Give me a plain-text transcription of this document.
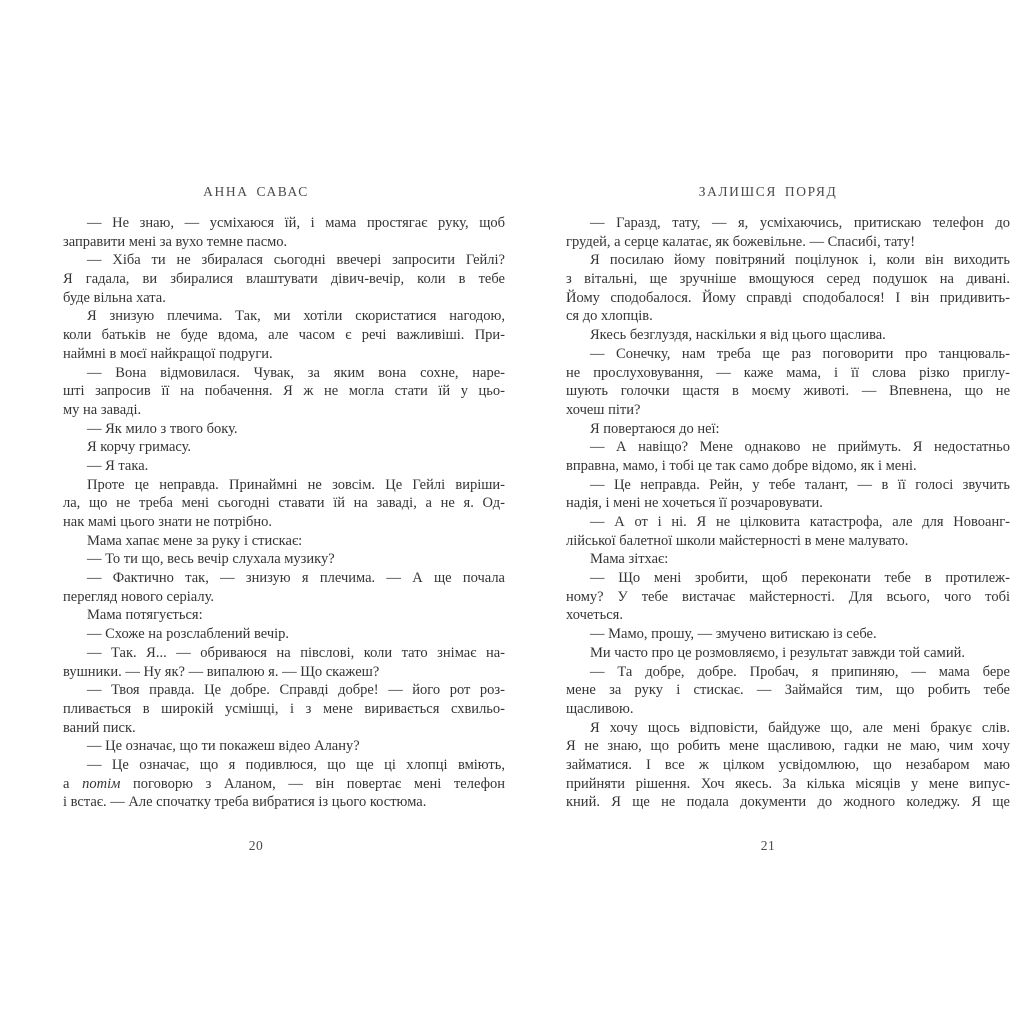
АННА САВАС
— Не знаю, — усміхаюся їй, і мама простягає руку, щоб
заправити мені за вухо темне пасмо.
— Хіба ти не збиралася сьогодні ввечері запросити Гейлі?
Я гадала, ви збиралися влаштувати дівич-вечір, коли в тебе
буде вільна хата.
Я знизую плечима. Так, ми хотіли скористатися нагодою,
коли батьків не буде вдома, але часом є речі важливіші. При-
наймні в моєї найкращої подруги.
— Вона відмовилася. Чувак, за яким вона сохне, наре-
шті запросив її на побачення. Я ж не могла стати їй у цьо-
му на заваді.
— Як мило з твого боку.
Я корчу гримасу.
— Я така.
Проте це неправда. Принаймні не зовсім. Це Гейлі виріши-
ла, що не треба мені сьогодні ставати їй на заваді, а не я. Од-
нак мамі цього знати не потрібно.
Мама хапає мене за руку і стискає:
— То ти що, весь вечір слухала музику?
— Фактично так, — знизую я плечима. — А ще почала
перегляд нового серіалу.
Мама потягується:
— Схоже на розслаблений вечір.
— Так. Я... — обриваюся на півслові, коли тато знімає на-
вушники. — Ну як? — випалюю я. — Що скажеш?
— Твоя правда. Це добре. Справді добре! — його рот роз-
пливається в широкій усмішці, і з мене виривається схвильо-
ваний писк.
— Це означає, що ти покажеш відео Алану?
— Це означає, що я подивлюся, що ще ці хлопці вміють,
а потім поговорю з Аланом, — він повертає мені телефон
і встає. — Але спочатку треба вибратися із цього костюма.
20
ЗАЛИШСЯ ПОРЯД
— Гаразд, тату, — я, усміхаючись, притискаю телефон до
грудей, а серце калатає, як божевільне. — Спасибі, тату!
Я посилаю йому повітряний поцілунок і, коли він виходить
з вітальні, ще зручніше вмощуюся серед подушок на дивані.
Йому сподобалося. Йому справді сподобалося! І він придивить-
ся до хлопців.
Якесь безглуздя, наскільки я від цього щаслива.
— Сонечку, нам треба ще раз поговорити про танцюваль-
не прослуховування, — каже мама, і її слова різко приглу-
шують голочки щастя в моєму животі. — Впевнена, що не
хочеш піти?
Я повертаюся до неї:
— А навіщо? Мене однаково не приймуть. Я недостатньо
вправна, мамо, і тобі це так само добре відомо, як і мені.
— Це неправда. Рейн, у тебе талант, — в її голосі звучить
надія, і мені не хочеться її розчаровувати.
— А от і ні. Я не цілковита катастрофа, але для Новоанг-
лійської балетної школи майстерності в мене малувато.
Мама зітхає:
— Що мені зробити, щоб переконати тебе в протилеж-
ному? У тебе вистачає майстерності. Для всього, чого тобі
хочеться.
— Мамо, прошу, — змучено витискаю із себе.
Ми часто про це розмовляємо, і результат завжди той самий.
— Та добре, добре. Пробач, я припиняю, — мама бере
мене за руку і стискає. — Займайся тим, що робить тебе
щасливою.
Я хочу щось відповісти, байдуже що, але мені бракує слів.
Я не знаю, що робить мене щасливою, гадки не маю, чим хочу
займатися. І все ж цілком усвідомлюю, що незабаром маю
прийняти рішення. Хоч якесь. За кілька місяців у мене випус-
кний. Я ще не подала документи до жодного коледжу. Я ще
21
